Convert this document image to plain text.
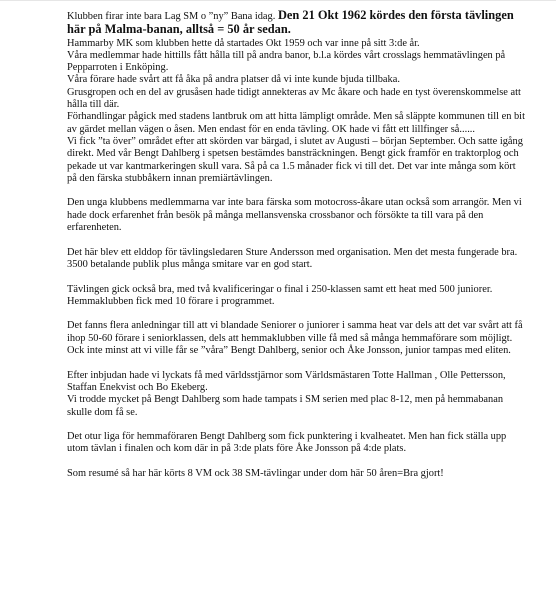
Klubben firar inte bara Lag SM o ”ny” Bana idag. Den 21 Okt 1962 kördes den första tävlingen här på Malma-banan, alltså = 50 år sedan.

Hammarby MK som klubben hette då startades Okt 1959 och var inne på sitt 3:de år.

Våra medlemmar hade hittills fått hålla till på andra banor, b.l.a kördes vårt crosslags hemmatävlingen på Pepparroten i Enköping.

Våra förare hade svårt att få åka på andra platser då vi inte kunde bjuda tillbaka.

Grusgropen och en del av grusåsen hade tidigt annekteras av Mc åkare och hade en tyst överenskommelse att hålla till där.

Förhandlingar pågick med stadens lantbruk om att hitta lämpligt område. Men så släppte kommunen till en bit av gärdet mellan vägen o åsen. Men endast för en enda tävling. OK hade vi fått ett lillfinger så......

Vi fick ”ta över” området efter att skörden var bärgad, i slutet av Augusti – början September. Och satte igång direkt. Med vår Bengt Dahlberg i spetsen bestämdes bansträckningen. Bengt gick framför en traktorplog och pekade ut var kantmarkeringen skull vara. Så på ca 1.5 månader fick vi till det. Det var inte många som kört på den färska stubbåkern innan premiärtävlingen.

Den unga klubbens medlemmarna var inte bara färska som motocross-åkare utan också som arrangör. Men vi hade dock erfarenhet från besök på många mellansvenska crossbanor och försökte ta till vara på den erfarenheten.

Det här blev ett elddop för tävlingsledaren Sture Andersson med organisation. Men det mesta fungerade bra. 3500 betalande publik plus många smitare var en god start.

Tävlingen gick också bra, med två kvalificeringar o final i 250-klassen samt ett heat med 500 juniorer. Hemmaklubben fick med 10 förare i programmet.

Det fanns flera anledningar till att vi blandade Seniorer o juniorer i samma heat var dels att det var svårt att få ihop 50-60 förare i seniorklassen, dels att hemmaklubben ville få med så många hemmaförare som möjligt. Ock inte minst att vi ville får se ”våra” Bengt Dahlberg, senior och Åke Jonsson, junior tampas med eliten.

Efter inbjudan hade vi lyckats få med världsstjärnor som Världsmästaren Totte Hallman , Olle Pettersson, Staffan Enekvist och Bo Ekeberg.

Vi trodde mycket på Bengt Dahlberg som hade tampats i SM serien med plac 8-12, men på hemmabanan skulle dom få se.

Det otur liga för hemmaföraren Bengt Dahlberg som fick punktering i kvalheatet. Men han fick ställa upp utom tävlan i finalen och kom där in på 3:de plats före Åke Jonsson på 4:de plats.

Som resumé så har här körts 8 VM ock 38 SM-tävlingar under dom här 50 åren=Bra gjort!
